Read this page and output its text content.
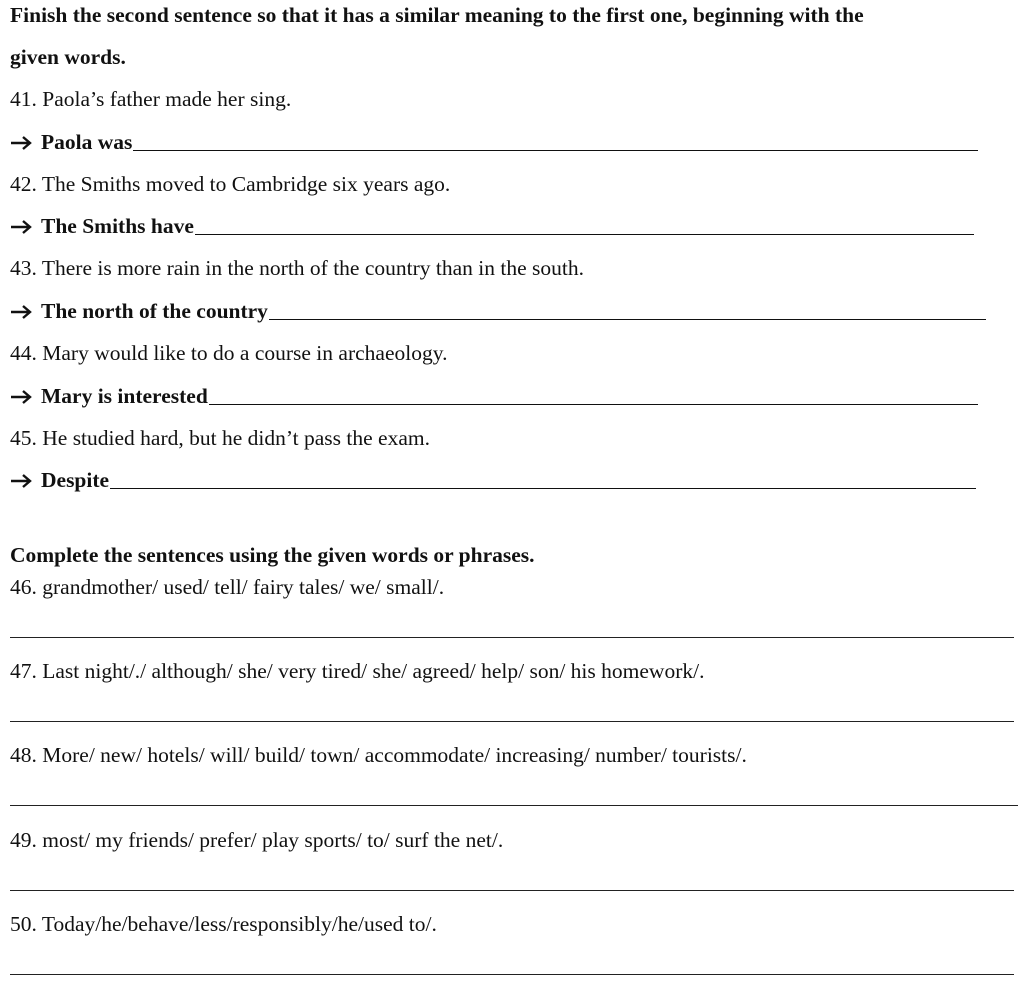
Finish the second sentence so that it has a similar meaning to the first one, beginning with the
given words.
41. Paola’s father made her sing.
Paola was
42. The Smiths moved to Cambridge six years ago.
The Smiths have
43. There is more rain in the north of the country than in the south.
The north of the country
44. Mary would like to do a course in archaeology.
Mary is interested
45. He studied hard, but he didn’t pass the exam.
Despite
Complete the sentences using the given words or phrases.
46. grandmother/ used/ tell/ fairy tales/ we/ small/.
47. Last night/./ although/ she/ very tired/ she/ agreed/ help/ son/ his homework/.
48. More/ new/ hotels/ will/ build/ town/ accommodate/ increasing/ number/ tourists/.
49. most/ my friends/ prefer/ play sports/ to/ surf the net/.
50. Today/he/behave/less/responsibly/he/used to/.
